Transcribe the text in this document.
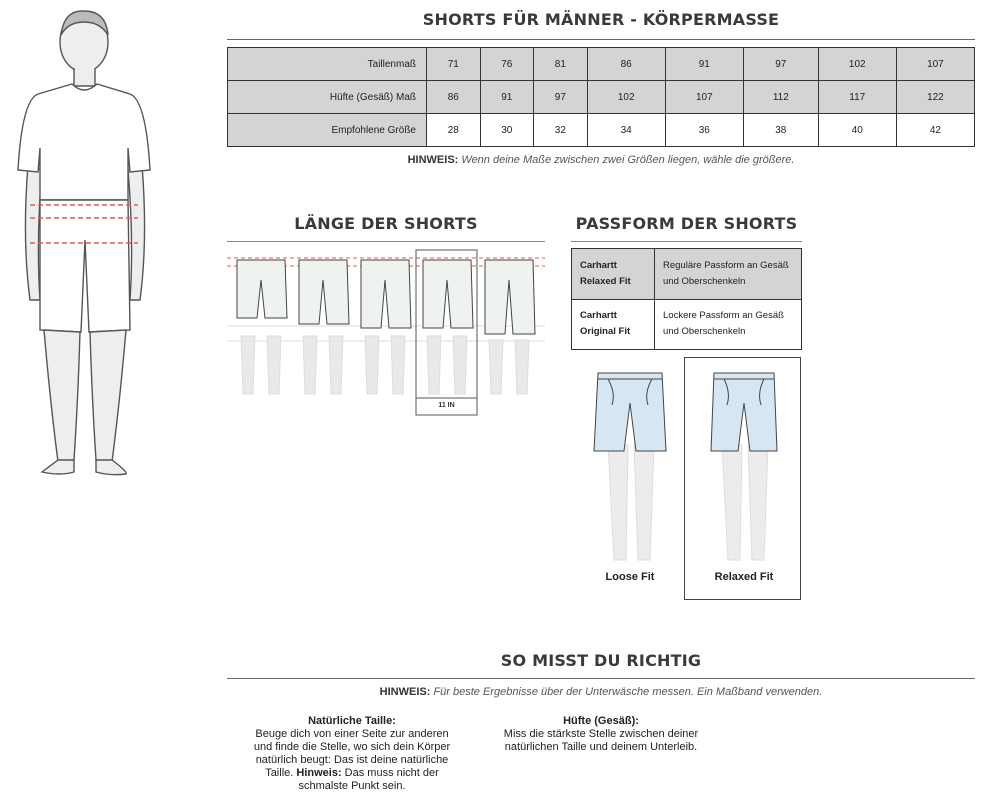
SHORTS FÜR MÄNNER - KÖRPERMASSE
Taillenmaß	71	76	81	86	91	97	102	107
Hüfte (Gesäß) Maß	86	91	97	102	107	112	117	122
Empfohlene Größe	28	30	32	34	36	38	40	42
HINWEIS: Wenn deine Maße zwischen zwei Größen liegen, wähle die größere.
LÄNGE DER SHORTS
11 IN
PASSFORM DER SHORTS
Carhartt
Relaxed Fit	Reguläre Passform an Gesäß
und Oberschenkeln
Carhartt
Original Fit	Lockere Passform an Gesäß
und Oberschenkeln
Loose Fit	Relaxed Fit
SO MISST DU RICHTIG
HINWEIS: Für beste Ergebnisse über der Unterwäsche messen. Ein Maßband verwenden.
Natürliche Taille:
Beuge dich von einer Seite zur anderen
und finde die Stelle, wo sich dein Körper
natürlich beugt: Das ist deine natürliche
Taille. Hinweis: Das muss nicht der
schmalste Punkt sein.
Hüfte (Gesäß):
Miss die stärkste Stelle zwischen deiner
natürlichen Taille und deinem Unterleib.
